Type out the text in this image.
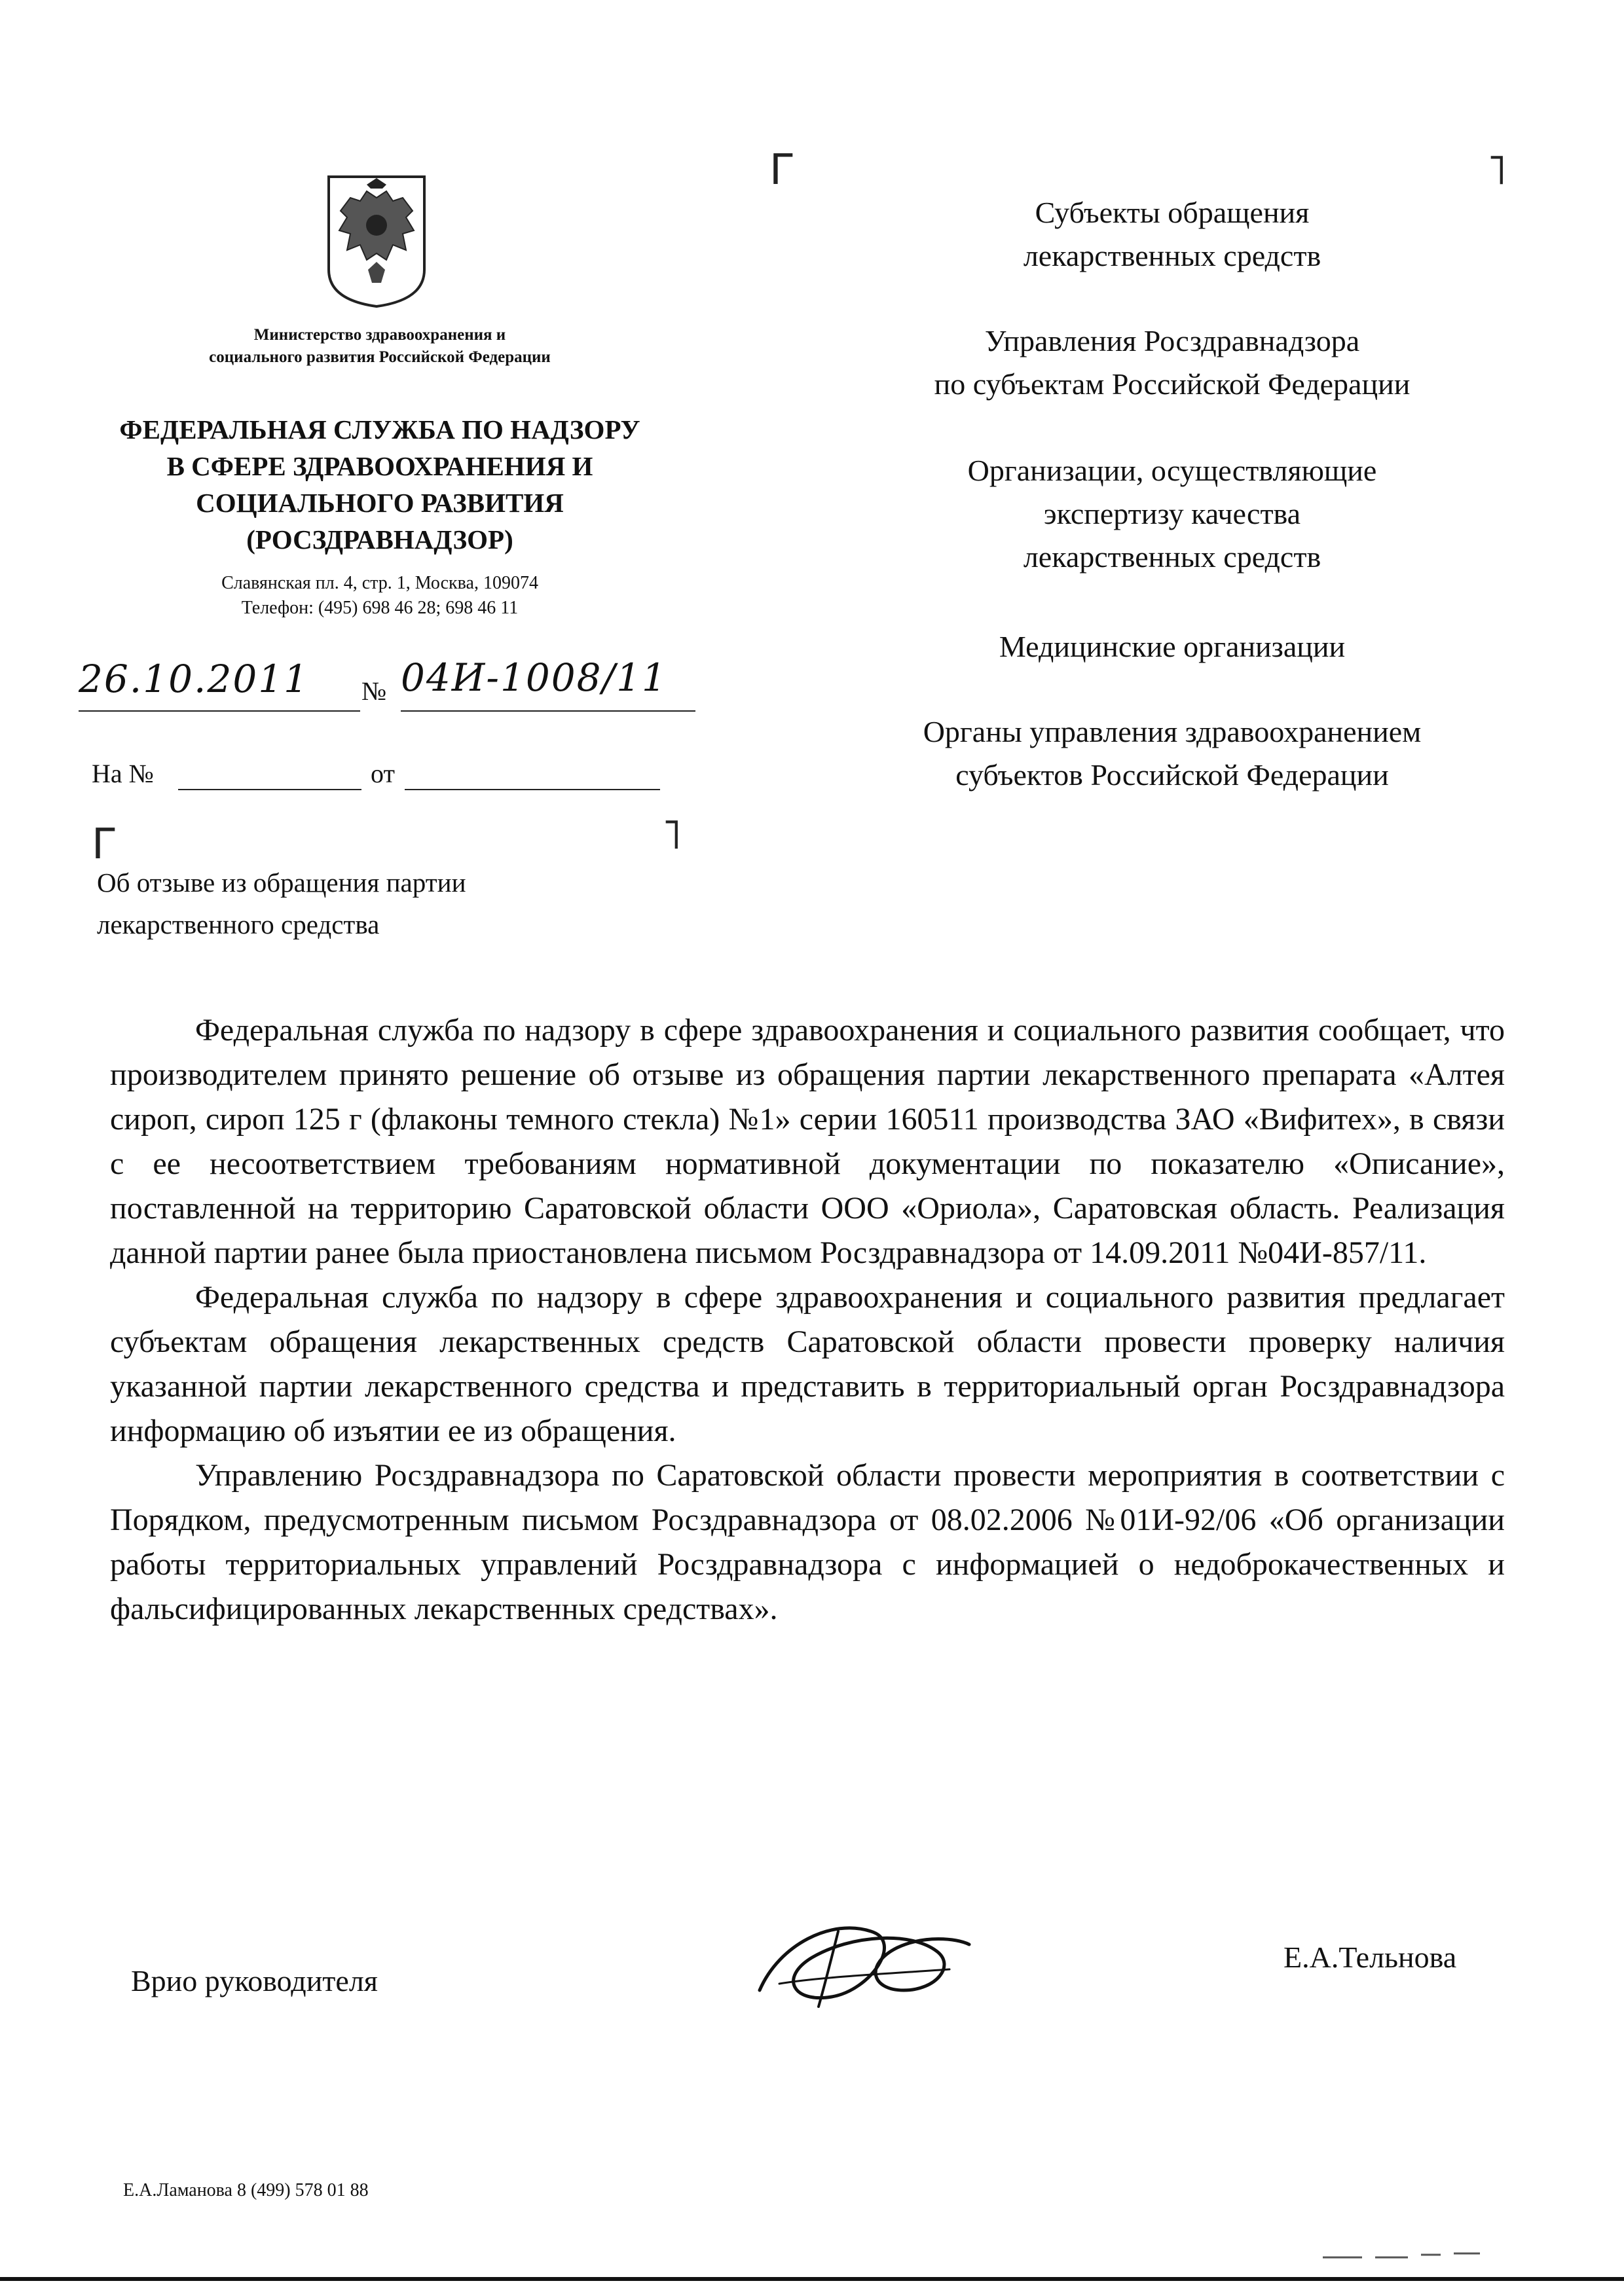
Министерство здравоохранения и
социального развития Российской Федерации
ФЕДЕРАЛЬНАЯ СЛУЖБА ПО НАДЗОРУ
В СФЕРЕ ЗДРАВООХРАНЕНИЯ И
СОЦИАЛЬНОГО РАЗВИТИЯ
(РОСЗДРАВНАДЗОР)
Славянская пл. 4, стр. 1, Москва, 109074
Телефон: (495) 698 46 28; 698 46 11
26.10.2011 № 04И-1008/11
На №	от
Γ	˥
Γ	˥
Субъекты обращения
лекарственных средств
Управления Росздравнадзора
по субъектам Российской Федерации
Организации, осуществляющие
экспертизу качества
лекарственных средств
Медицинские организации
Органы управления здравоохранением
субъектов Российской Федерации
Об отзыве из обращения партии
лекарственного средства

Федеральная служба по надзору в сфере здравоохранения и социального развития сообщает, что производителем принято решение об отзыве из обращения партии лекарственного препарата «Алтея сироп, сироп 125 г (флаконы темного стекла) №1» серии 160511 производства ЗАО «Вифитех», в связи с ее несоответствием требованиям нормативной документации по показателю «Описание», поставленной на территорию Саратовской области ООО «Ориола», Саратовская область. Реализация данной партии ранее была приостановлена письмом Росздравнадзора от 14.09.2011 №04И-857/11.

Федеральная служба по надзору в сфере здравоохранения и социального развития предлагает субъектам обращения лекарственных средств Саратовской области провести проверку наличия указанной партии лекарственного средства и представить в территориальный орган Росздравнадзора информацию об изъятии ее из обращения.

Управлению Росздравнадзора по Саратовской области провести мероприятия в соответствии с Порядком, предусмотренным письмом Росздравнадзора от 08.02.2006 №01И-92/06 «Об организации работы территориальных управлений Росздравнадзора с информацией о недоброкачественных и фальсифицированных лекарственных средствах».

Врио руководителя
Е.А.Тельнова
Е.А.Ламанова 8 (499) 578 01 88
